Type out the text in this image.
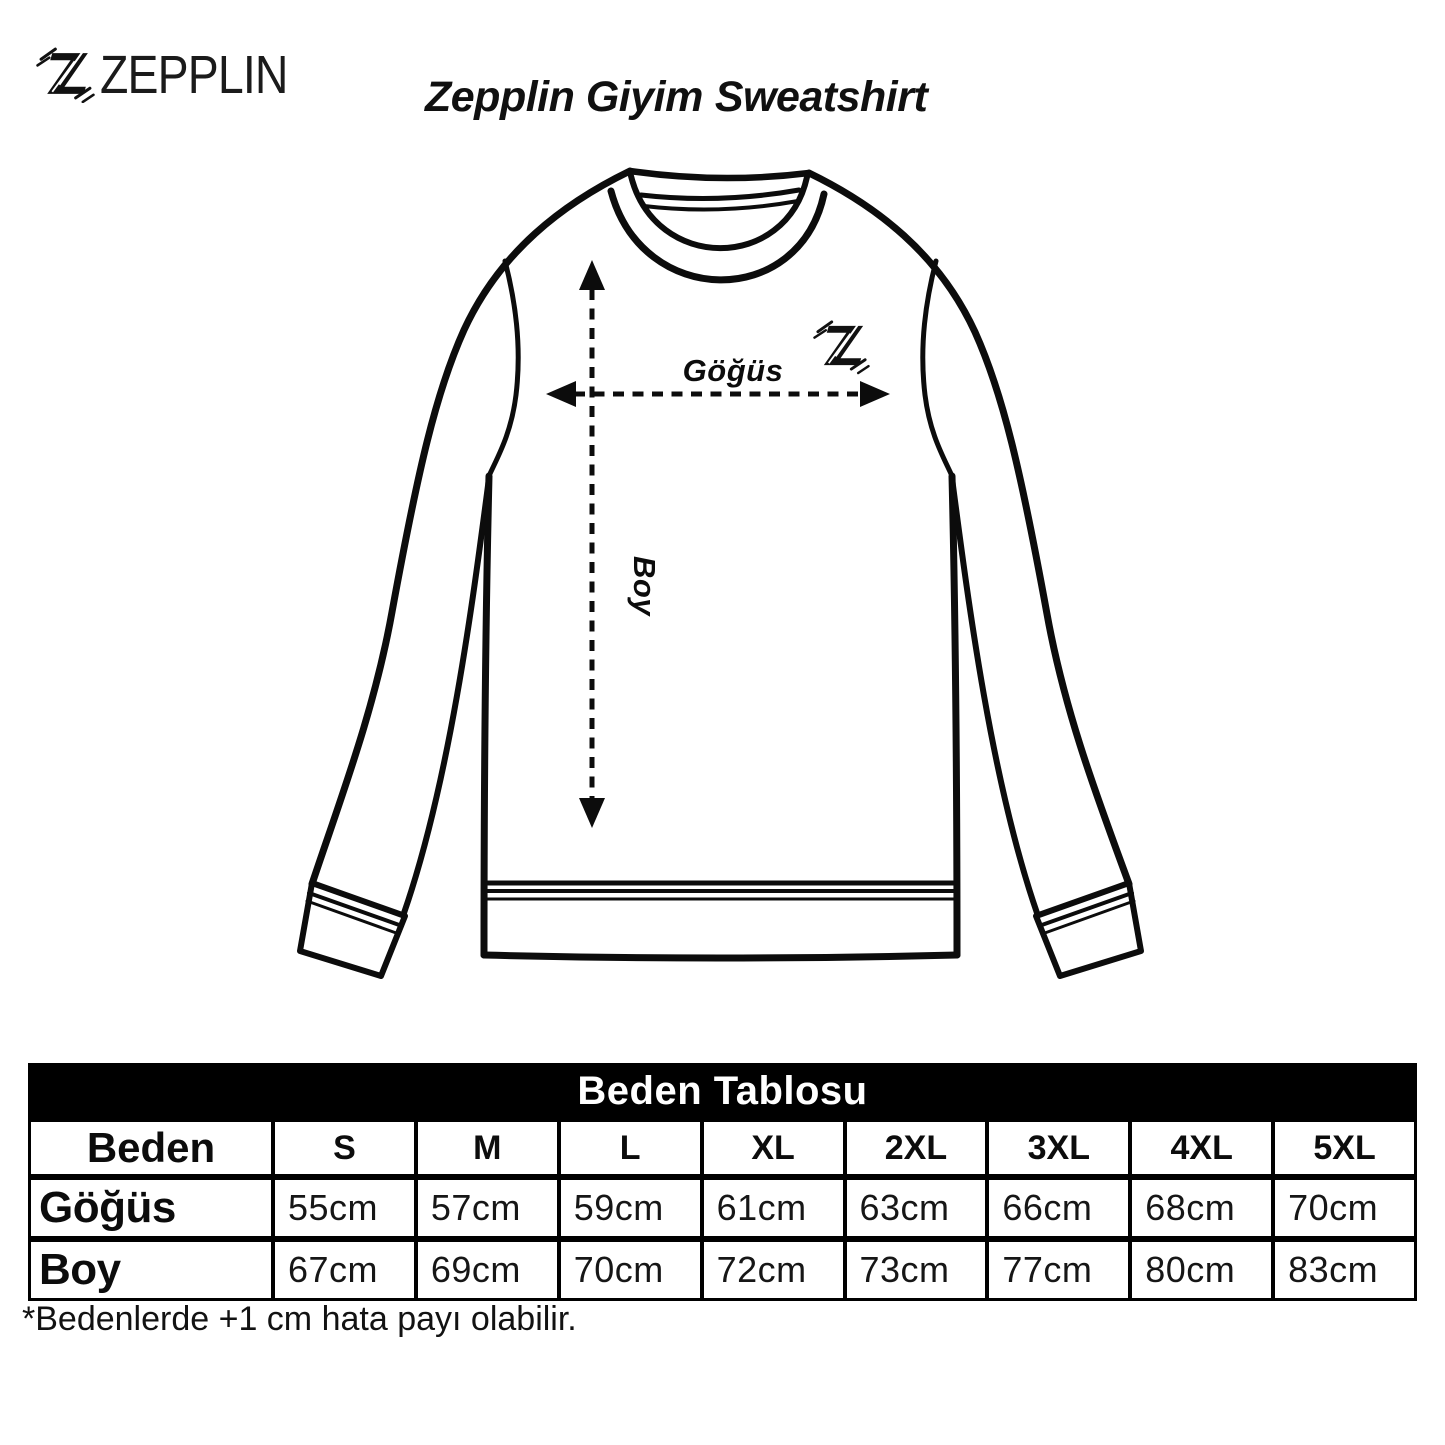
ZEPPLIN	Zepplin Giyim Sweatshirt
Göğüs
Boy
Beden Tablosu
Beden	S	M	L	XL	2XL	3XL	4XL	5XL
Göğüs	55cm	57cm	59cm	61cm	63cm	66cm	68cm	70cm
Boy	67cm	69cm	70cm	72cm	73cm	77cm	80cm	83cm
*Bedenlerde +1 cm hata payı olabilir.
